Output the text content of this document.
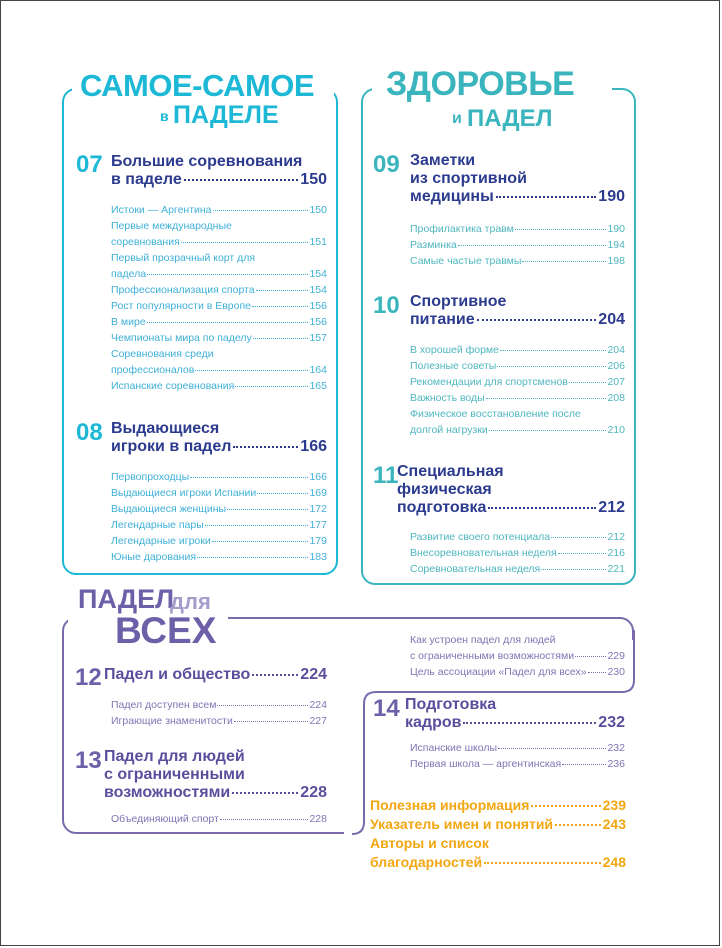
САМОЕ-САМОЕ
в ПАДЕЛЕ
07 Большие соревнования
в паделе	150
Истоки — Аргентина	150
Первые международные
соревнования	151
Первый прозрачный корт для
падела	154
Профессионализация спорта	154
Рост популярности в Европе	156
В мире	156
Чемпионаты мира по паделу	157
Соревнования среди
профессионалов	164
Испанские соревнования	165
08 Выдающиеся
игроки в падел	166
Первопроходцы	166
Выдающиеся игроки Испании	169
Выдающиеся женщины	172
Легендарные пары	177
Легендарные игроки	179
Юные дарования	183
ЗДОРОВЬЕ
и ПАДЕЛ
09 Заметки
из спортивной
медицины	190
Профилактика травм	190
Разминка	194
Самые частые травмы	198
10 Спортивное
питание	204
В хорошей форме	204
Полезные советы	206
Рекомендации для спортсменов	207
Важность воды	208
Физическое восстановление после
долгой нагрузки	210
11
Специальная
физическая
подготовка	212
Развитие своего потенциала	212
Внесоревновательная неделя	216
Соревновательная неделя	221
ПАДЕЛ
для
ВСЕХ
12 Падел и общество	224
Падел доступен всем	224
Играющие знаменитости	227
13 Падел для людей
с ограниченными
возможностями	228
Объединяющий спорт	228
Как устроен падел для людей
с ограниченными возможностями	229
Цель ассоциации «Падел для всех» 230
14 Подготовка
кадров	232
Испанские школы	232
Первая школа — аргентинская	236
Полезная информация	239
Указатель имен и понятий	243
Авторы и список
благодарностей	248
